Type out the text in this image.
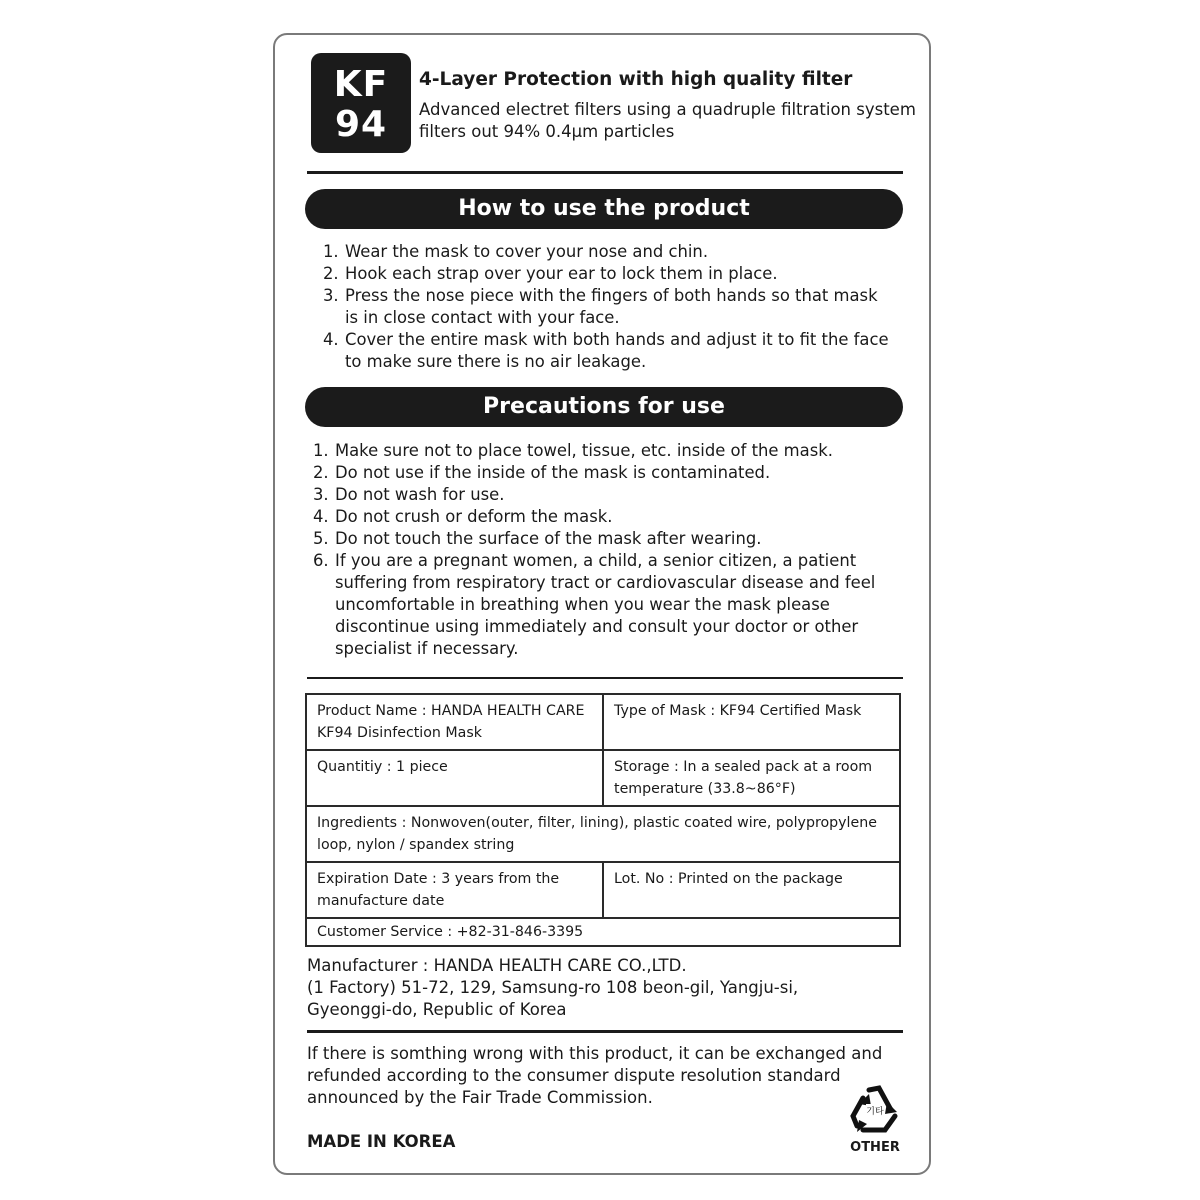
KF
94
4-Layer Protection with high quality filter
Advanced electret filters using a quadruple filtration system filters out 94% 0.4µm particles
How to use the product
1. Wear the mask to cover your nose and chin.
2. Hook each strap over your ear to lock them in place.
3. Press the nose piece with the fingers of both hands so that mask is in close contact with your face.
4. Cover the entire mask with both hands and adjust it to fit the face to make sure there is no air leakage.
Precautions for use
1. Make sure not to place towel, tissue, etc. inside of the mask.
2. Do not use if the inside of the mask is contaminated.
3. Do not wash for use.
4. Do not crush or deform the mask.
5. Do not touch the surface of the mask after wearing.
6. If you are a pregnant women, a child, a senior citizen, a patient suffering from respiratory tract or cardiovascular disease and feel uncomfortable in breathing when you wear the mask please discontinue using immediately and consult your doctor or other specialist if necessary.
Product Name : HANDA HEALTH CARE KF94 Disinfection Mask	Type of Mask : KF94 Certified Mask
Quantitiy : 1 piece	Storage : In a sealed pack at a room temperature (33.8~86°F)
Ingredients : Nonwoven(outer, filter, lining), plastic coated wire, polypropylene loop, nylon / spandex string	
Expiration Date : 3 years from the manufacture date	Lot. No : Printed on the package
Customer Service : +82-31-846-3395	
Manufacturer : HANDA HEALTH CARE CO.,LTD.
(1 Factory) 51-72, 129, Samsung-ro 108 beon-gil, Yangju-si,
Gyeonggi-do, Republic of Korea
If there is somthing wrong with this product, it can be exchanged and refunded according to the consumer dispute resolution standard announced by the Fair Trade Commission.
MADE IN KOREA
기타
OTHER
